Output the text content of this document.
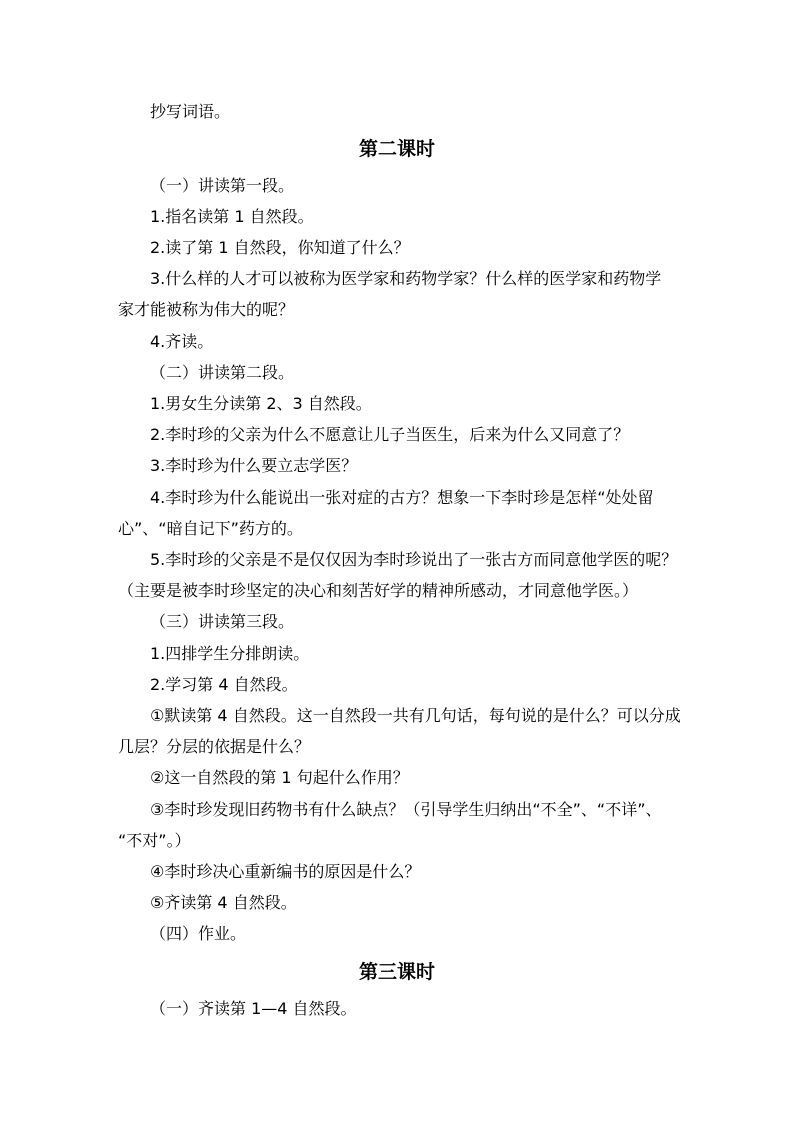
抄写词语。
第二课时
（一）讲读第一段。
1.指名读第 1 自然段。
2.读了第 1 自然段，你知道了什么？
3.什么样的人才可以被称为医学家和药物学家？什么样的医学家和药物学
家才能被称为伟大的呢？
4.齐读。
（二）讲读第二段。
1.男女生分读第 2、3 自然段。
2.李时珍的父亲为什么不愿意让儿子当医生，后来为什么又同意了？
3.李时珍为什么要立志学医？
4.李时珍为什么能说出一张对症的古方？想象一下李时珍是怎样“处处留
心”、“暗自记下”药方的。
5.李时珍的父亲是不是仅仅因为李时珍说出了一张古方而同意他学医的呢？
（主要是被李时珍坚定的决心和刻苦好学的精神所感动，才同意他学医。）
（三）讲读第三段。
1.四排学生分排朗读。
2.学习第 4 自然段。
①默读第 4 自然段。这一自然段一共有几句话，每句说的是什么？可以分成
几层？分层的依据是什么？
②这一自然段的第 1 句起什么作用？
③李时珍发现旧药物书有什么缺点？（引导学生归纳出“不全”、“不详”、
“不对”。）
④李时珍决心重新编书的原因是什么？
⑤齐读第 4 自然段。
（四）作业。
第三课时
（一）齐读第 1—4 自然段。
